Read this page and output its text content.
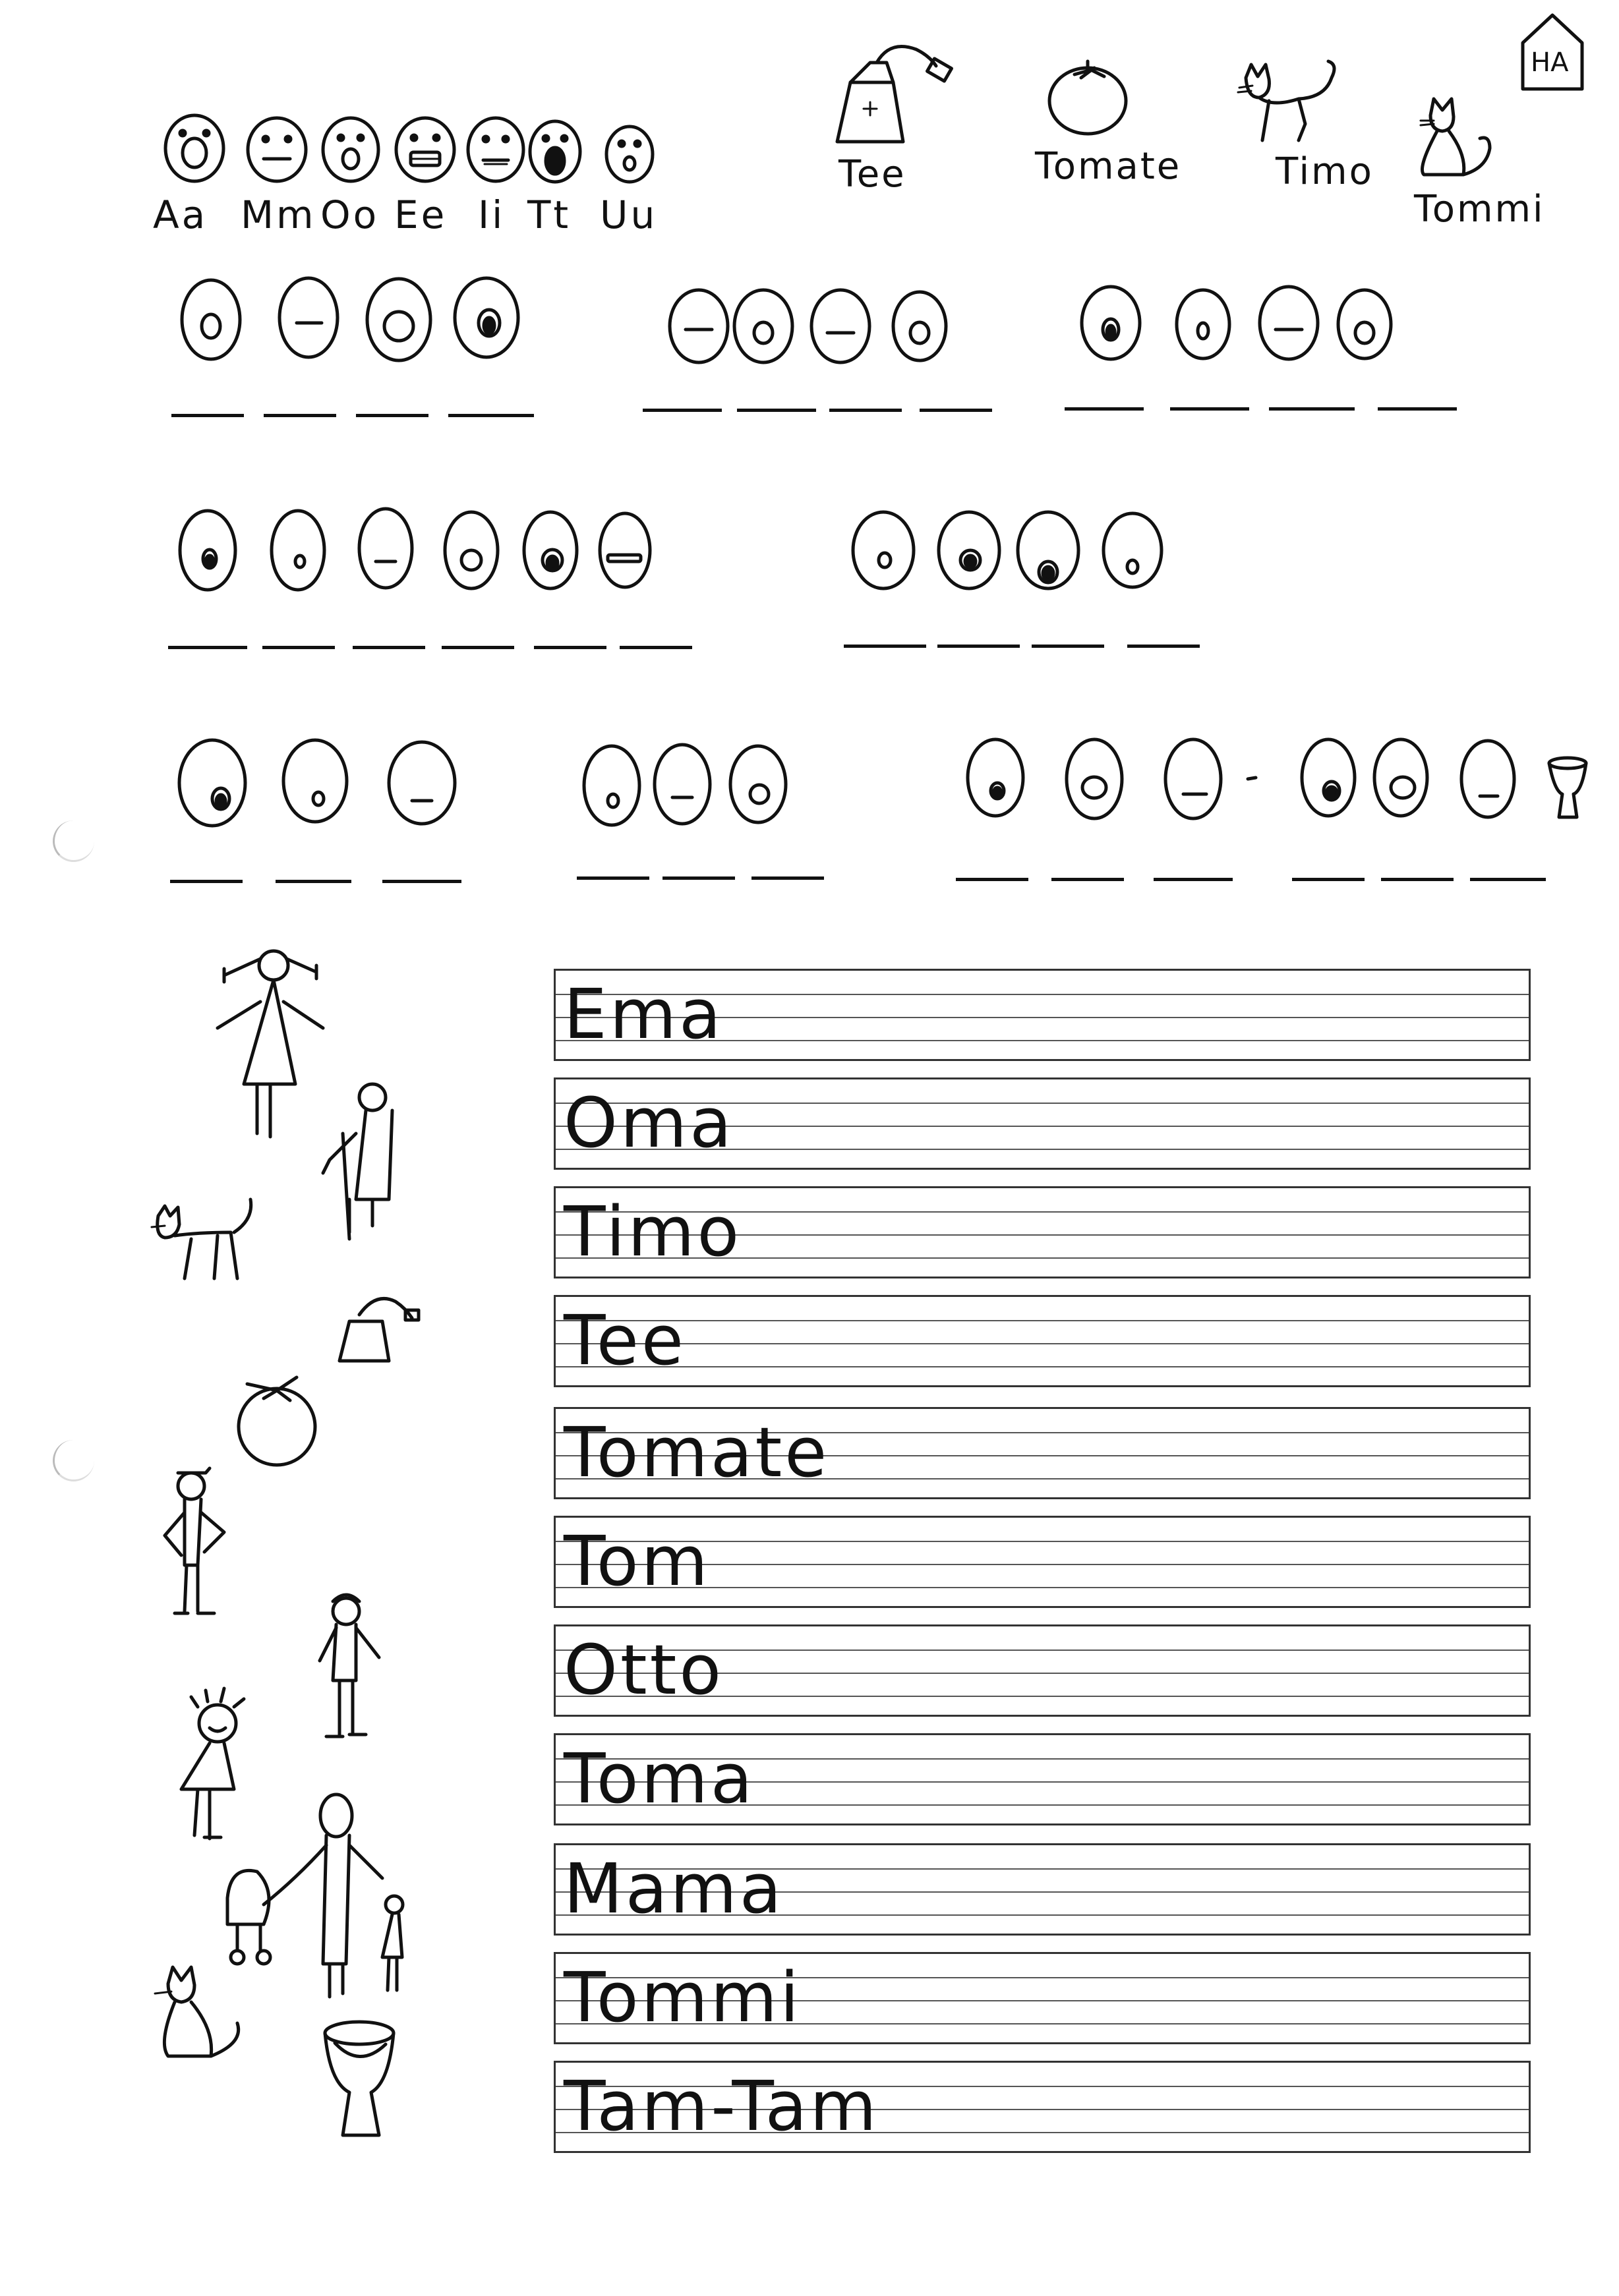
Aa Mm Oo Ee Ii Tt Uu
Tee	Tomate	Timo
Tommi
HA
Ema
Oma
Timo
Tee
Tomate
Tom
Otto
Toma
Mama
Tommi
Tam-Tam
